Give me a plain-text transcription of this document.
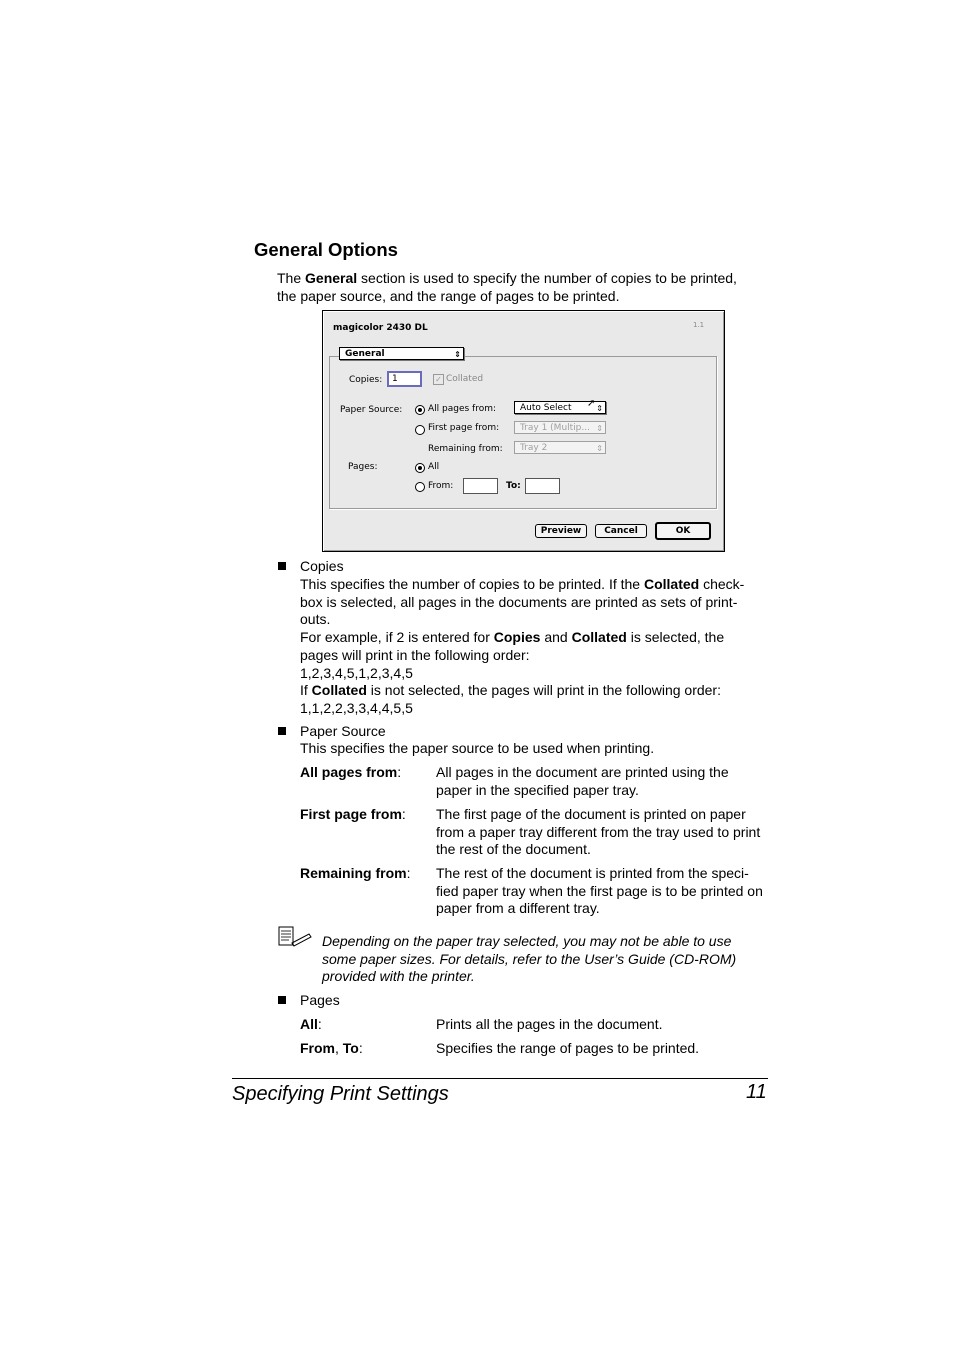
General Options
The General section is used to specify the number of copies to be printed,
the paper source, and the range of pages to be printed.
magicolor 2430 DL	1.1
General	⇕
Copies: 1	✓ Collated
Paper Source:	All pages from:	Auto Select	⇕
➚
First page from:	Tray 1 (Multip... ⇕
Remaining from:	Tray 2	⇕
Pages:	All
From:	To:
Preview	Cancel	OK
Copies
This specifies the number of copies to be printed. If the Collated check-
box is selected, all pages in the documents are printed as sets of print-
outs.
For example, if 2 is entered for Copies and Collated is selected, the
pages will print in the following order:
1,2,3,4,5,1,2,3,4,5
If Collated is not selected, the pages will print in the following order:
1,1,2,2,3,3,4,4,5,5
Paper Source
This specifies the paper source to be used when printing.
All pages from: All pages in the document are printed using the
paper in the specified paper tray.
First page from: The first page of the document is printed on paper
from a paper tray different from the tray used to print
the rest of the document.
Remaining from: The rest of the document is printed from the speci-
fied paper tray when the first page is to be printed on
paper from a different tray.
Depending on the paper tray selected, you may not be able to use
some paper sizes. For details, refer to the User’s Guide (CD-ROM)
provided with the printer.
Pages
All:	Prints all the pages in the document.
From, To:	Specifies the range of pages to be printed.
Specifying Print Settings	11
